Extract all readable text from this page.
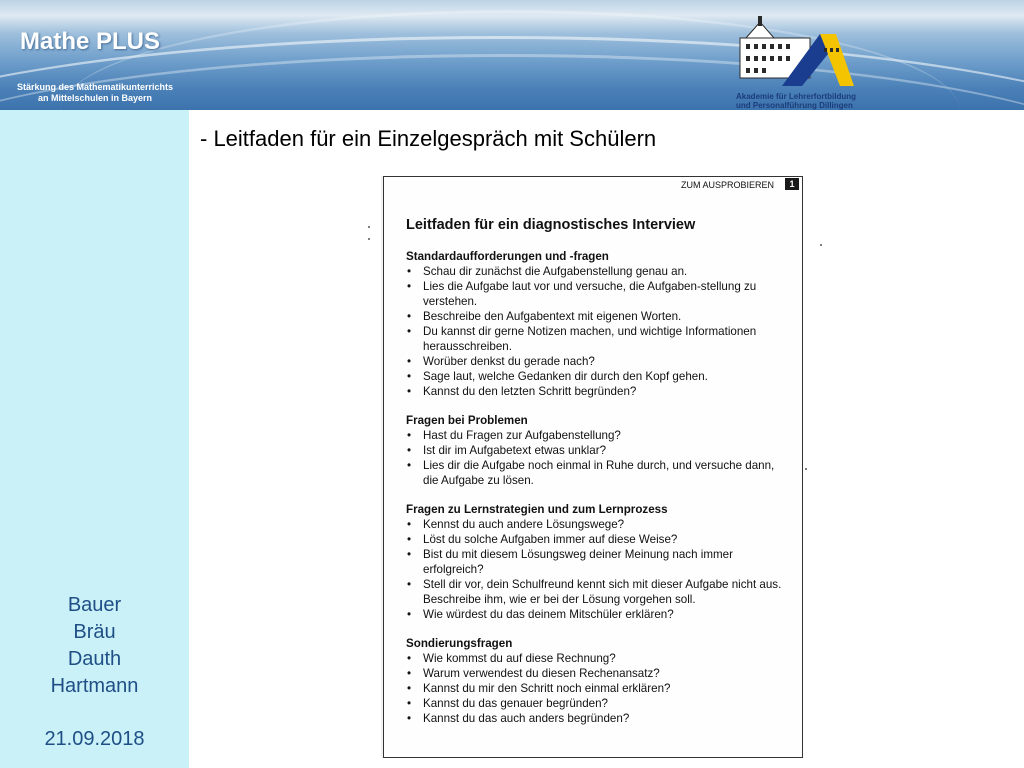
Mathe PLUS
Stärkung des Mathematikunterrichts
an Mittelschulen in Bayern	Akademie für Lehrerfortbildung
und Personalführung Dillingen
Bauer
Bräu
Dauth
Hartmann
21.09.2018
- Leitfaden für ein Einzelgespräch mit Schülern
ZUM AUSPROBIEREN	1
Leitfaden für ein diagnostisches Interview
Standardaufforderungen und -fragen
• Schau dir zunächst die Aufgabenstellung genau an.
• Lies die Aufgabe laut vor und versuche, die Aufgaben-stellung zu verstehen.
• Beschreibe den Aufgabentext mit eigenen Worten.
• Du kannst dir gerne Notizen machen, und wichtige Informationen herausschreiben.
• Worüber denkst du gerade nach?
• Sage laut, welche Gedanken dir durch den Kopf gehen.
• Kannst du den letzten Schritt begründen?
Fragen bei Problemen
• Hast du Fragen zur Aufgabenstellung?
• Ist dir im Aufgabetext etwas unklar?
• Lies dir die Aufgabe noch einmal in Ruhe durch, und versuche dann, die Aufgabe zu lösen.
Fragen zu Lernstrategien und zum Lernprozess
• Kennst du auch andere Lösungswege?
• Löst du solche Aufgaben immer auf diese Weise?
• Bist du mit diesem Lösungsweg deiner Meinung nach immer erfolgreich?
• Stell dir vor, dein Schulfreund kennt sich mit dieser Aufgabe nicht aus. Beschreibe ihm, wie er bei der Lösung vorgehen soll.
• Wie würdest du das deinem Mitschüler erklären?
Sondierungsfragen
• Wie kommst du auf diese Rechnung?
• Warum verwendest du diesen Rechenansatz?
• Kannst du mir den Schritt noch einmal erklären?
• Kannst du das genauer begründen?
• Kannst du das auch anders begründen?
